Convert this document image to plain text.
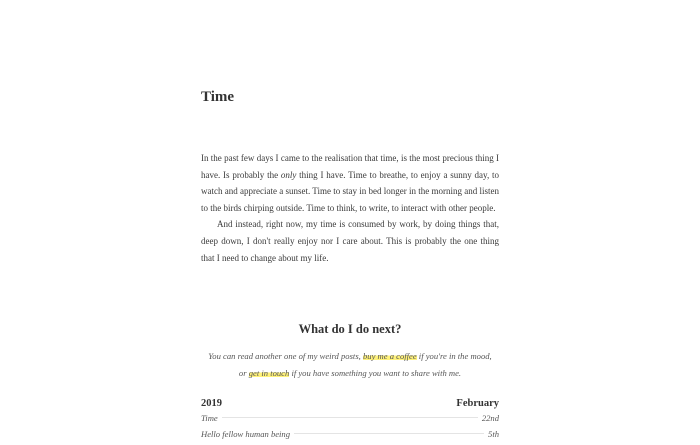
Time

In the past few days I came to the realisation that time, is the most precious thing I have. Is probably the only thing I have. Time to breathe, to enjoy a sunny day, to watch and appreciate a sunset. Time to stay in bed longer in the morning and listen to the birds chirping outside. Time to think, to write, to interact with other people.

And instead, right now, my time is consumed by work, by doing things that, deep down, I don't really enjoy nor I care about. This is probably the one thing that I need to change about my life.

What do I do next?

You can read another one of my weird posts, buy me a coffee if you're in the mood,
or get in touch if you have something you want to share with me.

2019	February
Time	22nd
Hello fellow human being	5th
